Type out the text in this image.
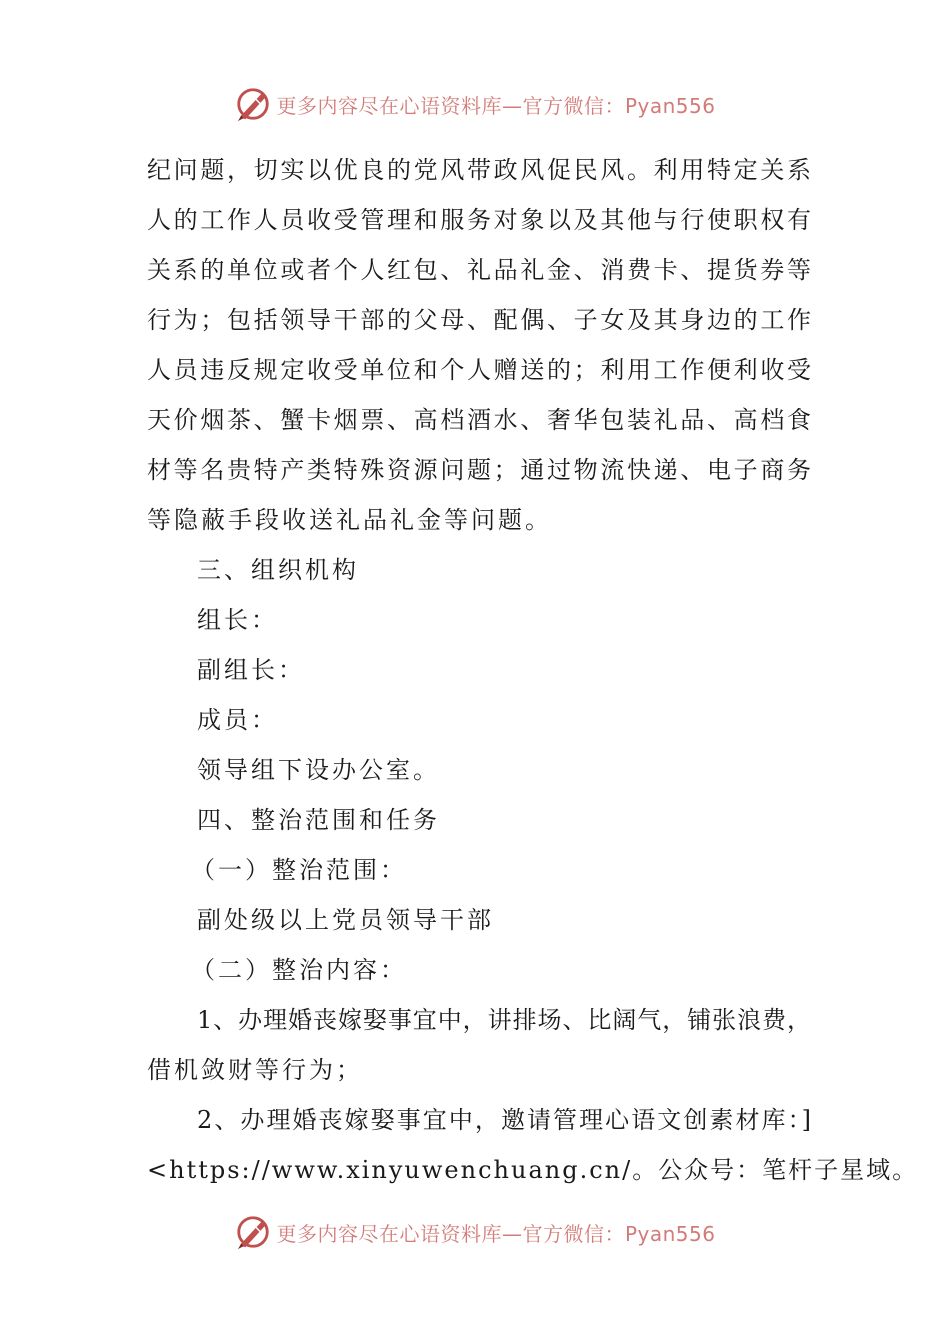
更多内容尽在心语资料库—官方微信：Pyan556
纪问题，切实以优良的党风带政风促民风。利用特定关系
人的工作人员收受管理和服务对象以及其他与行使职权有
关系的单位或者个人红包、礼品礼金、消费卡、提货券等
行为；包括领导干部的父母、配偶、子女及其身边的工作
人员违反规定收受单位和个人赠送的；利用工作便利收受
天价烟茶、蟹卡烟票、高档酒水、奢华包装礼品、高档食
材等名贵特产类特殊资源问题；通过物流快递、电子商务
等隐蔽手段收送礼品礼金等问题。
三、组织机构
组长：
副组长：
成员：
领导组下设办公室。
四、整治范围和任务
（一）整治范围：
副处级以上党员领导干部
（二）整治内容：
1、办理婚丧嫁娶事宜中，讲排场、比阔气，铺张浪费，
借机敛财等行为；
2、办理婚丧嫁娶事宜中，邀请管理心语文创素材库：]
<https://www.xinyuwenchuang.cn/。公众号：笔杆子星域。
更多内容尽在心语资料库—官方微信：Pyan556
